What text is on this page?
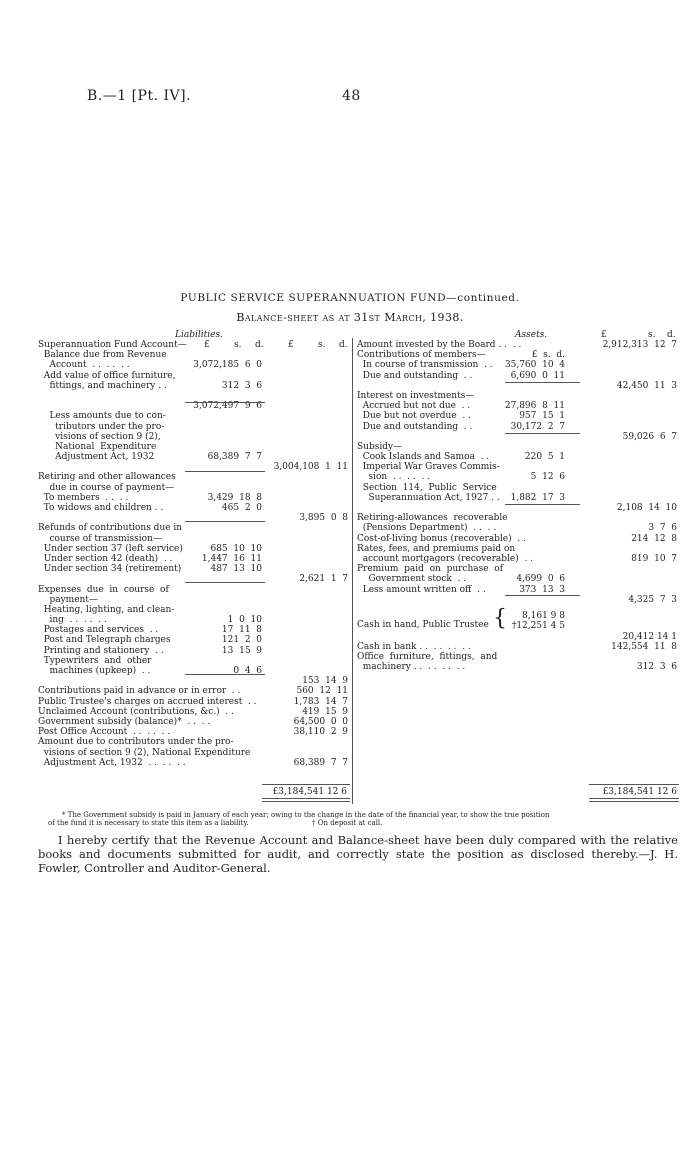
B.—1 [Pt. IV].	48
PUBLIC SERVICE SUPERANNUATION FUND—continued.
Balance-sheet as at 31st March, 1938.
Liabilities.
£	s. d.	£	s. d.
Superannuation Fund Account—
Balance due from Revenue
Account  . .  . .  . .	3,072,185  6  0
Add value of office furniture,
fittings, and machinery . .	312  3  6
3,072,497  9  6
Less amounts due to con-
tributors under the pro-
visions of section 9 (2),
National  Expenditure
Adjustment Act, 1932	68,389  7  7
3,004,108  1  11
Retiring and other allowances
due in course of payment—
To members  . .  . .	3,429  18  8
To widows and children . .	465  2  0
3,895  0  8
Refunds of contributions due in
course of transmission—
Under section 37 (left service)	685  10  10
Under section 42 (death)  . .	1,447  16  11
Under section 34 (retirement)	487  13  10
2,621  1  7
Expenses  due  in  course  of
payment—
Heating, lighting, and clean-
ing  . .  . .  . .	1  0  10
Postages and services  . .	17  11  8
Post and Telegraph charges	121  2  0
Printing and stationery  . .	13  15  9
Typewriters  and  other
machines (upkeep)  . .	0  4  6
153  14  9
Contributions paid in advance or in error  . .	560  12  11
Public Trustee's charges on accrued interest  . .	1,783  14  7
Unclaimed Account (contributions, &c.)  . .	419  15  9
Government subsidy (balance)*  . .  . .	64,500  0  0
Post Office Account  . .  . .  . .	38,110  2  9
Amount due to contributors under the pro-
visions of section 9 (2), National Expenditure
Adjustment Act, 1932  . .  . .  . .	68,389  7  7
£3,184,541 12 6
Assets.	£	s. d.
Amount invested by the Board . .  . .	2,912,313  12  7
Contributions of members—	£  s.  d.
In course of transmission  . . 35,760  10  4
Due and outstanding  . .	6,690  0  11
42,450  11  3
Interest on investments—
Accrued but not due  . .	27,896  8  11
Due but not overdue  . .	957  15  1
Due and outstanding  . .	30,172  2  7
59,026  6  7
Subsidy—
Cook Islands and Samoa  . .	220  5  1
Imperial War Graves Commis-
sion  . .  . .  . .	5  12  6
Section  114,  Public  Service
Superannuation Act, 1927 . . 1,882  17  3
2,108  14  10
Retiring-allowances  recoverable
(Pensions Department)  . .  . .	3  7  6
Cost-of-living bonus (recoverable)  . .	214  12  8
Rates, fees, and premiums paid on
account mortgagors (recoverable)  . .	819  10  7
Premium  paid  on  purchase  of
Government stock  . .	4,699  0  6
Less amount written off  . .	373  13  3
4,325  7  3
Cash in hand, Public Trustee {	8,161 9 8
†12,251 4 5
20,412 14 1
Cash in bank . .  . .  . .  . .	142,554  11  8
Office  furniture,  fittings,  and
machinery . .  . .  . .  . .	312  3  6
£3,184,541 12 6
* The Government subsidy is paid in January of each year; owing to the change in the date of the financial year, to show the true position
of the fund it is necessary to state this item as a liability.	† On deposit at call.
I hereby certify that the Revenue Account and Balance-sheet have been duly compared with the relative books and documents submitted for audit, and correctly state the position as disclosed thereby.—J. H. Fowler, Controller and Auditor-General.
